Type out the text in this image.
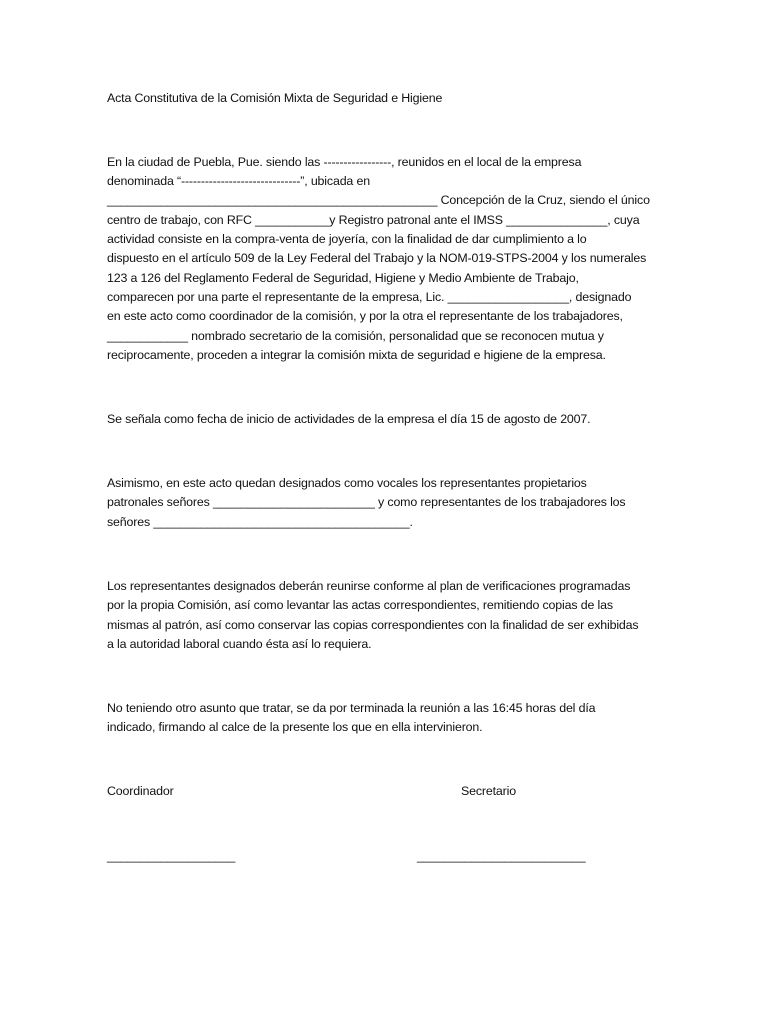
Acta Constitutiva de la Comisión Mixta de Seguridad e Higiene

En la ciudad de Puebla, Pue. siendo las -----------------, reunidos en el local de la empresa

denominada “------------------------------”, ubicada en

_________________________________________________ Concepción de la Cruz, siendo el único

centro de trabajo, con RFC ___________y Registro patronal ante el IMSS _______________, cuya

actividad consiste en la compra-venta de joyería, con la finalidad de dar cumplimiento a lo

dispuesto en el artículo 509 de la Ley Federal del Trabajo y la NOM-019-STPS-2004 y los numerales

123 a 126 del Reglamento Federal de Seguridad, Higiene y Medio Ambiente de Trabajo,

comparecen por una parte el representante de la empresa, Lic. __________________, designado

en este acto como coordinador de la comisión, y por la otra el representante de los trabajadores,

____________ nombrado secretario de la comisión, personalidad que se reconocen mutua y

reciprocamente, proceden a integrar la comisión mixta de seguridad e higiene de la empresa.

Se señala como fecha de inicio de actividades de la empresa el día 15 de agosto de 2007.

Asimismo, en este acto quedan designados como vocales los representantes propietarios

patronales señores ________________________ y como representantes de los trabajadores los

señores ______________________________________.

Los representantes designados deberán reunirse conforme al plan de verificaciones programadas

por la propia Comisión, así como levantar las actas correspondientes, remitiendo copias de las

mismas al patrón, así como conservar las copias correspondientes con la finalidad de ser exhibidas

a la autoridad laboral cuando ésta así lo requiera.

No teniendo otro asunto que tratar, se da por terminada la reunión a las 16:45 horas del día

indicado, firmando al calce de la presente los que en ella intervinieron.

Coordinador	Secretario

___________________	_________________________
